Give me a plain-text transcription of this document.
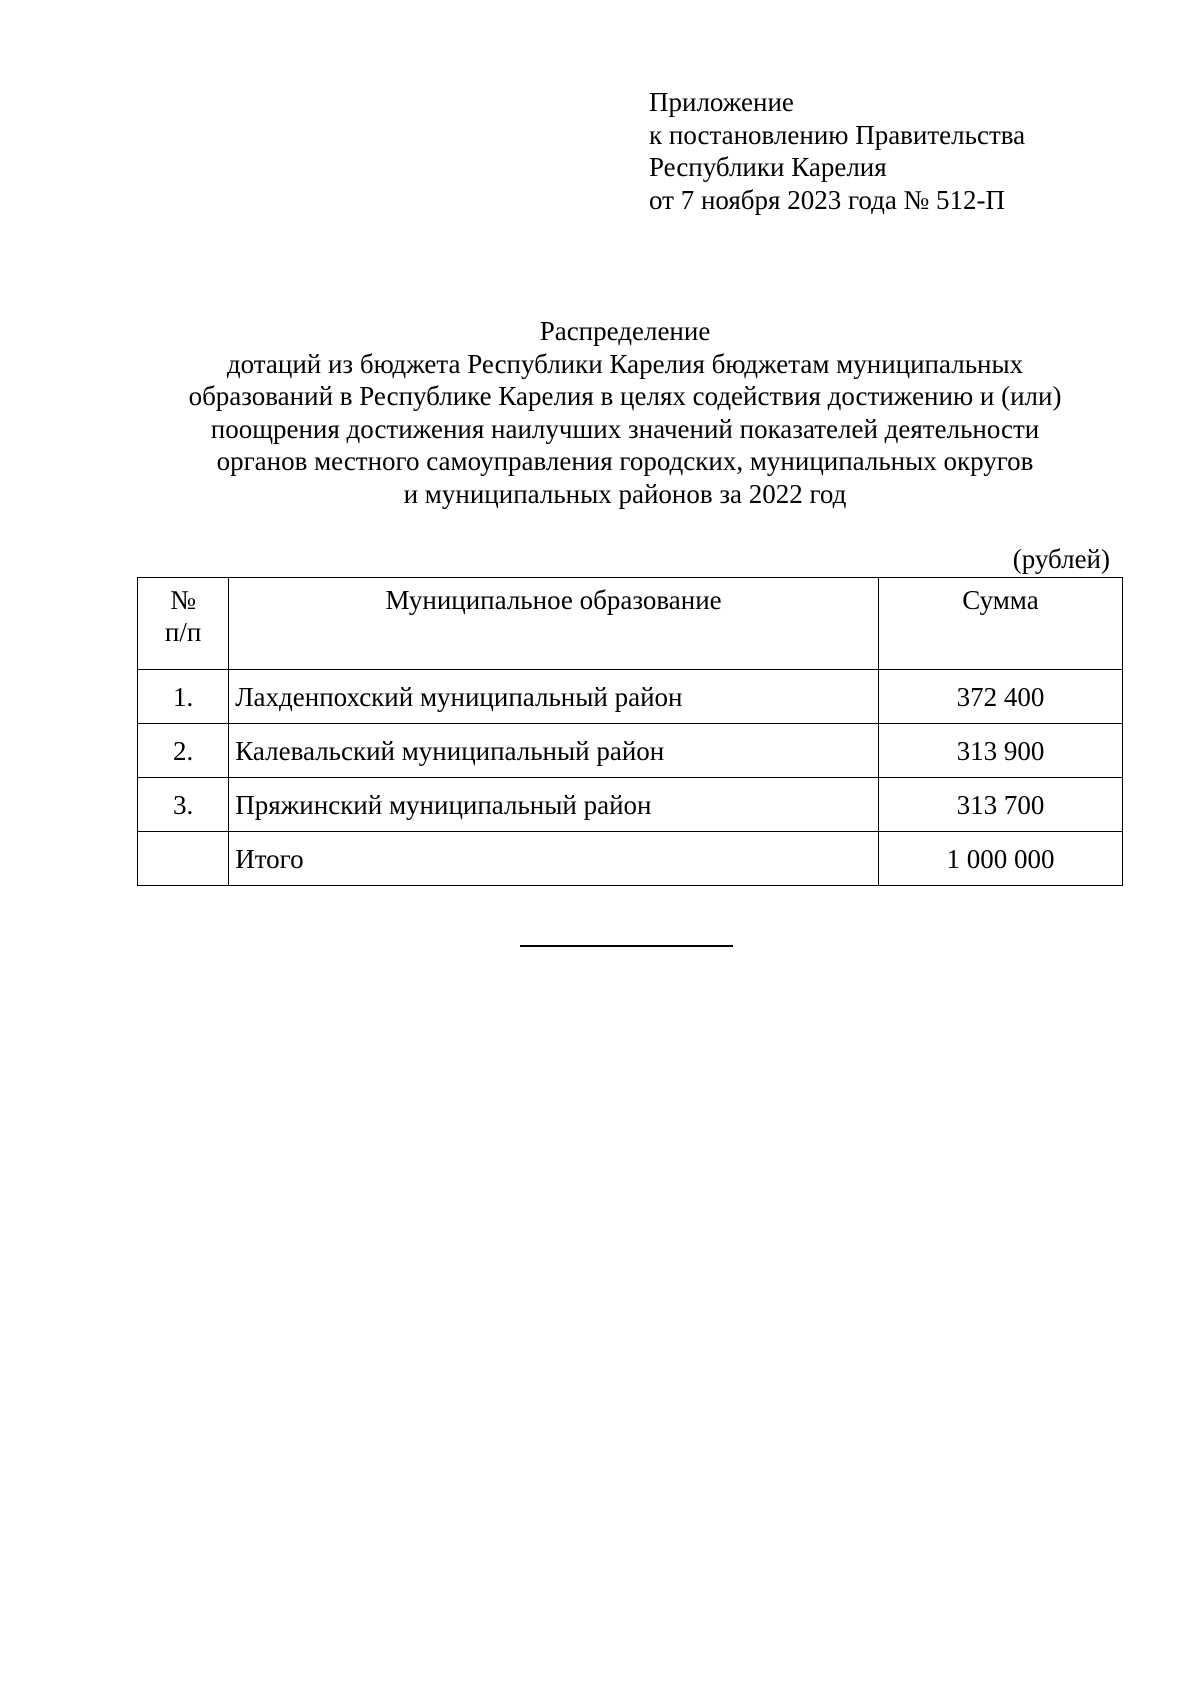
Приложение
к постановлению Правительства
Республики Карелия
от 7 ноября 2023 года № 512-П
Распределение
дотаций из бюджета Республики Карелия бюджетам муниципальных
образований в Республике Карелия в целях содействия достижению и (или)
поощрения достижения наилучших значений показателей деятельности
органов местного самоуправления городских, муниципальных округов
и муниципальных районов за 2022 год
(рублей)
№
п/п	Муниципальное образование	Сумма
1.	Лахденпохский муниципальный район	372 400
2.	Калевальский муниципальный район	313 900
3.	Пряжинский муниципальный район	313 700
	Итого	1 000 000
